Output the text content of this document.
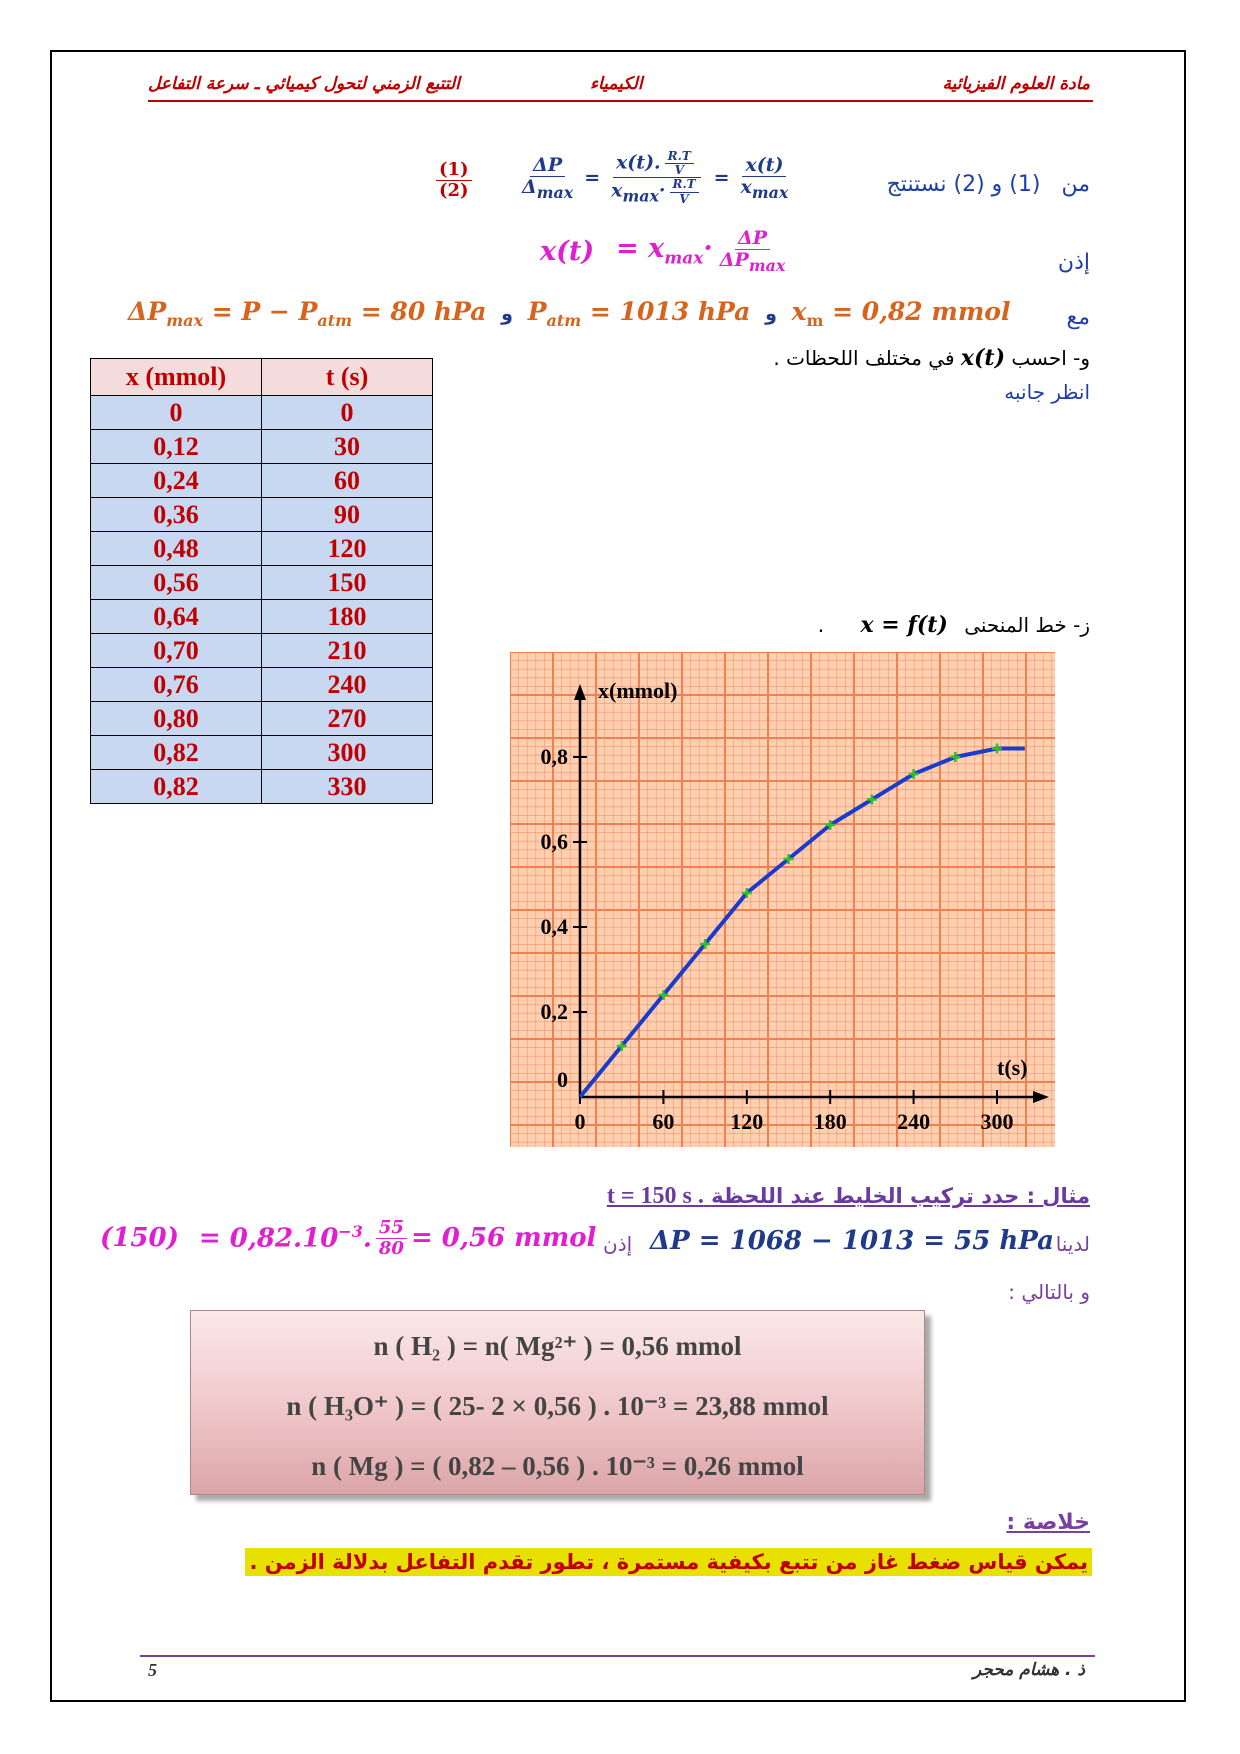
مادة العلوم الفيزيائية
الكيمياء
التتبع الزمني لتحول كيميائي ـ سرعة التفاعل
من   (1) و (2) نستنتج
$\frac{\Delta P}{\Delta_{max}} = \frac{x(t). \frac{R.T}{V}}{x_{max}\cdot \frac{R.T}{V}} = \frac{x(t)}{x_{max}}$
$\frac{(1)}{(2)}$
إذن
$x(t) = x_{max}\cdot \frac{\Delta P}{\Delta P_{max}}$
مع
$\Delta P_{max} = P - P_{atm} = 80$ hPa و $P_{atm} = 1013$ hPa و $x_m = 0,82$ mmol
و- احسب x(t) في مختلف اللحظات .
انظر جانبه
x (mmol)	t (s)
0	0
0,12	30
0,24	60
0,36	90
0,48	120
0,56	150
0,64	180
0,70	210
0,76	240
0,80	270
0,82	300
0,82	330
ز- خط المنحنى x = f(t) .
x(mmol)
t(s)
0	60	120 180 240 300
0
0,2
0,4
0,6
0,8
مثال : حدد تركيب الخليط عند اللحظة t = 150 s .
لدينا
ΔP = 1068 − 1013 = 55 hPa
إذن
$(150) = 0,82.10^{-3}$. $\frac{55}{80} = 0,56$ mmol
و بالتالي :
n ( H₂ ) = n( Mg²⁺ ) = 0,56 mmol
n ( H₃O⁺ ) = ( 25- 2 × 0,56 ) . 10⁻³ = 23,88 mmol
n ( Mg ) = ( 0,82 – 0,56 ) . 10⁻³ = 0,26 mmol
خلاصة :
يمكن قياس ضغط غاز من تتبع بكيفية مستمرة ، تطور تقدم التفاعل بدلالة الزمن .
ذ . هشام محجر
5
